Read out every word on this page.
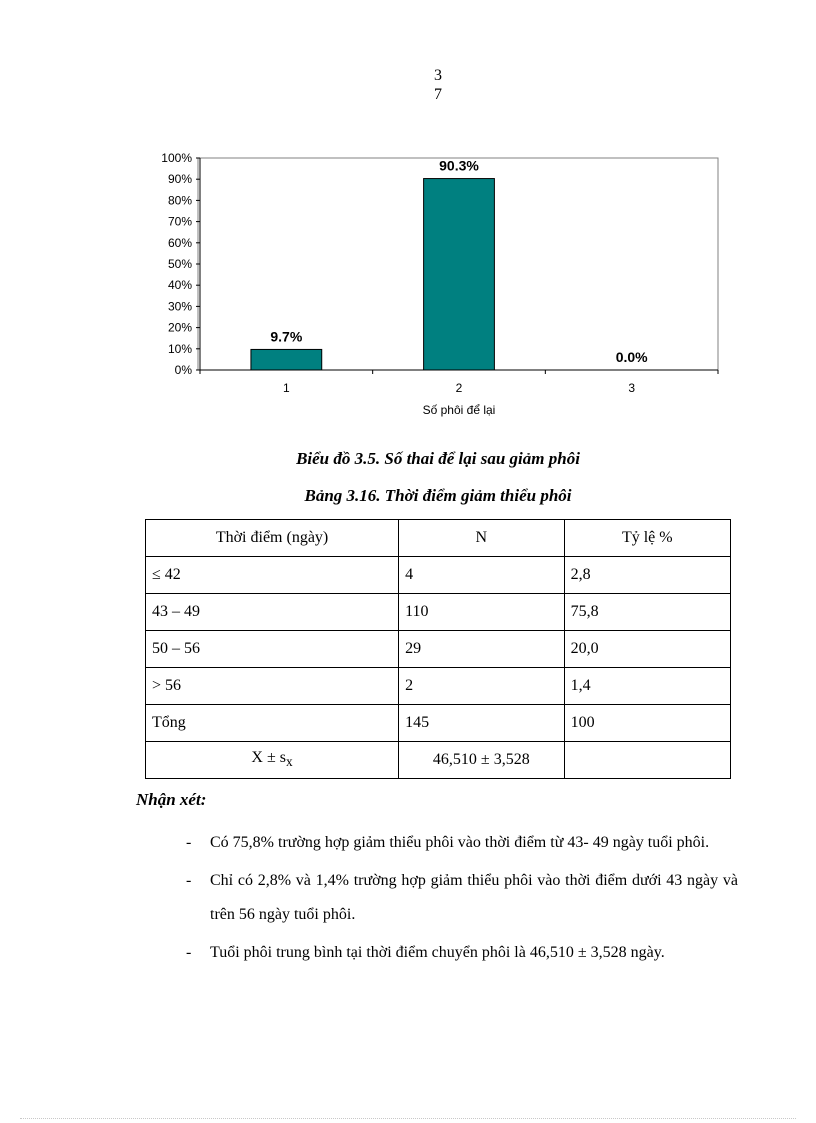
3
7
0%
10%
20%
30%
40%
50%
60%
70%
80%
90%
100%
9.7%
1
90.3%
2
0.0%
3
Số phôi để lại
Biểu đồ 3.5. Số thai để lại sau giảm phôi
Bảng 3.16. Thời điểm giảm thiểu phôi
Thời điểm (ngày)	N	Tỷ lệ %
≤ 42	4	2,8
43 – 49	110	75,8
50 – 56	29	20,0
> 56	2	1,4
Tổng	145	100
$X \pm s_x$	46,510 ± 3,528	
Nhận xét:
- Có 75,8% trường hợp giảm thiểu phôi vào thời điểm từ 43- 49 ngày tuổi phôi.
- Chỉ có 2,8% và 1,4% trường hợp giảm thiểu phôi vào thời điểm dưới 43 ngày và trên 56 ngày tuổi phôi.
- Tuổi phôi trung bình tại thời điểm chuyển phôi là 46,510 ± 3,528 ngày.
